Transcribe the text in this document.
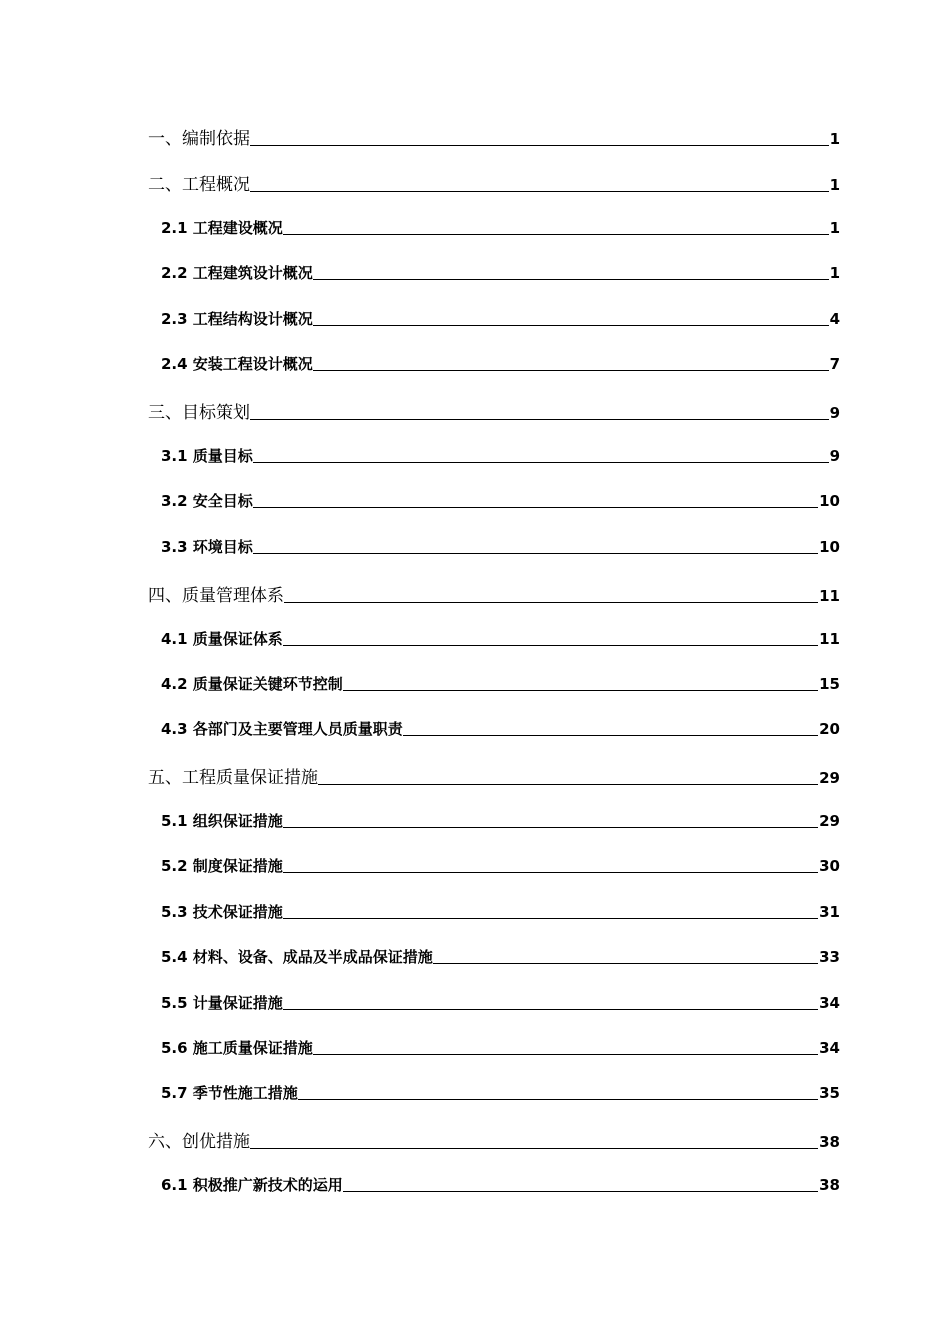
一、编制依据	1
二、工程概况	1
2.1 工程建设概况	1
2.2 工程建筑设计概况	1
2.3 工程结构设计概况	4
2.4 安装工程设计概况	7
三、目标策划	9
3.1 质量目标	9
3.2 安全目标	10
3.3 环境目标	10
四、质量管理体系	11
4.1 质量保证体系	11
4.2 质量保证关键环节控制	15
4.3 各部门及主要管理人员质量职责	20
五、工程质量保证措施	29
5.1 组织保证措施	29
5.2 制度保证措施	30
5.3 技术保证措施	31
5.4 材料、设备、成品及半成品保证措施	33
5.5 计量保证措施	34
5.6 施工质量保证措施	34
5.7 季节性施工措施	35
六、创优措施	38
6.1 积极推广新技术的运用	38
